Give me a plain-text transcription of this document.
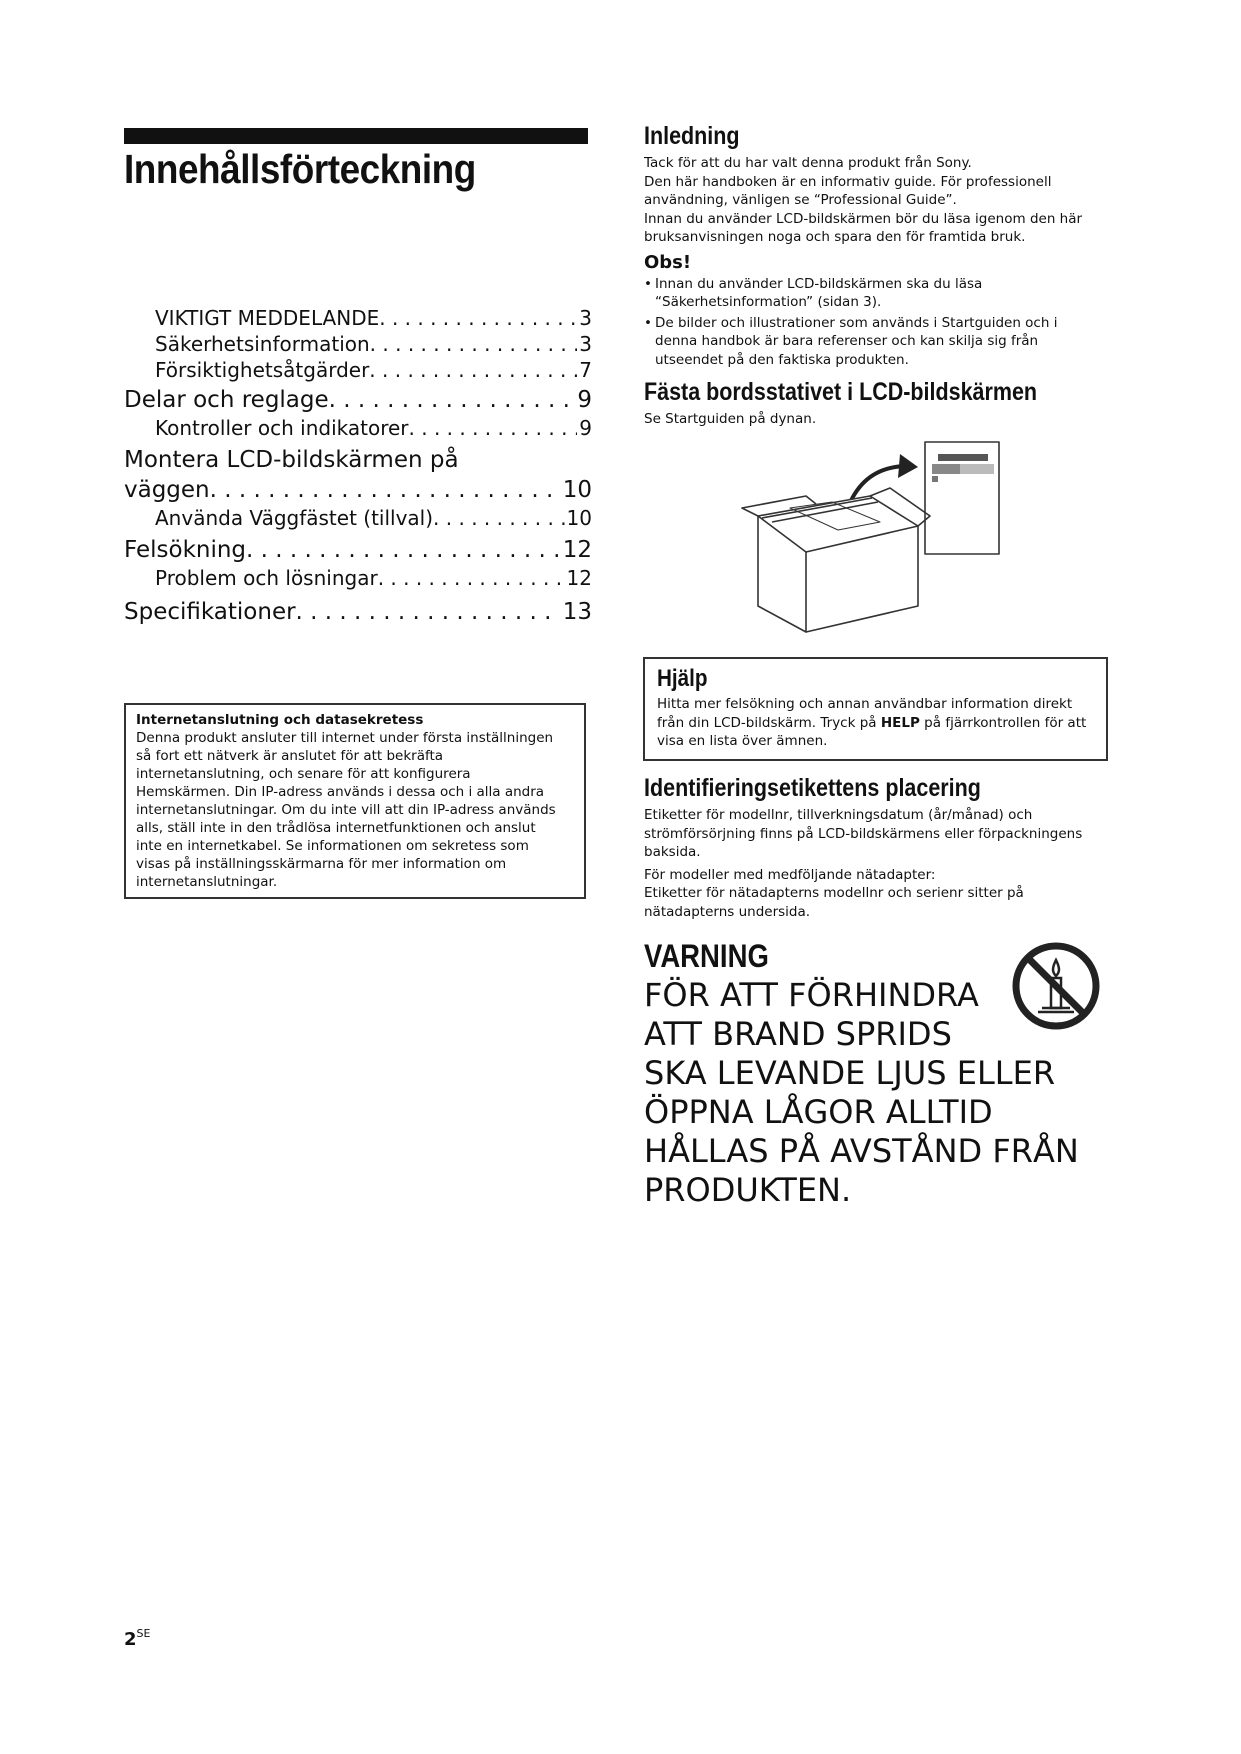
Innehållsförteckning
VIKTIGT MEDDELANDE . . .	3
Säkerhetsinformation . . .	3
Försiktighetsåtgärder . . .	7
Delar och reglage . . .	9
Kontroller och indikatorer . . .	9
Montera LCD-bildskärmen på
väggen . . .	10
Använda Väggfästet (tillval) . . .	10
Felsökning . . .	12
Problem och lösningar . . .	12
Specifikationer . . .	13
Internetanslutning och datasekretess
Denna produkt ansluter till internet under första inställningen
så fort ett nätverk är anslutet för att bekräfta
internetanslutning, och senare för att konfigurera
Hemskärmen. Din IP-adress används i dessa och i alla andra
internetanslutningar. Om du inte vill att din IP-adress används
alls, ställ inte in den trådlösa internetfunktionen och anslut
inte en internetkabel. Se informationen om sekretess som
visas på inställningsskärmarna för mer information om
internetanslutningar.
$2^{SE}$
Inledning
Tack för att du har valt denna produkt från Sony.
Den här handboken är en informativ guide. För professionell
användning, vänligen se “Professional Guide”.
Innan du använder LCD-bildskärmen bör du läsa igenom den här
bruksanvisningen noga och spara den för framtida bruk.
Obs!
• Innan du använder LCD-bildskärmen ska du läsa
“Säkerhetsinformation” (sidan 3).
• De bilder och illustrationer som används i Startguiden och i
denna handbok är bara referenser och kan skilja sig från
utseendet på den faktiska produkten.
Fästa bordsstativet i LCD-bildskärmen
Se Startguiden på dynan.
Hjälp
Hitta mer felsökning och annan användbar information direkt
från din LCD-bildskärm. Tryck på HELP på fjärrkontrollen för att
visa en lista över ämnen.
Identifieringsetikettens placering
Etiketter för modellnr, tillverkningsdatum (år/månad) och
strömförsörjning finns på LCD-bildskärmens eller förpackningens
baksida.
För modeller med medföljande nätadapter:
Etiketter för nätadapterns modellnr och serienr sitter på
nätadapterns undersida.
VARNING
FÖR ATT FÖRHINDRA
ATT BRAND SPRIDS
SKA LEVANDE LJUS ELLER
ÖPPNA LÅGOR ALLTID
HÅLLAS PÅ AVSTÅND FRÅN
PRODUKTEN.
